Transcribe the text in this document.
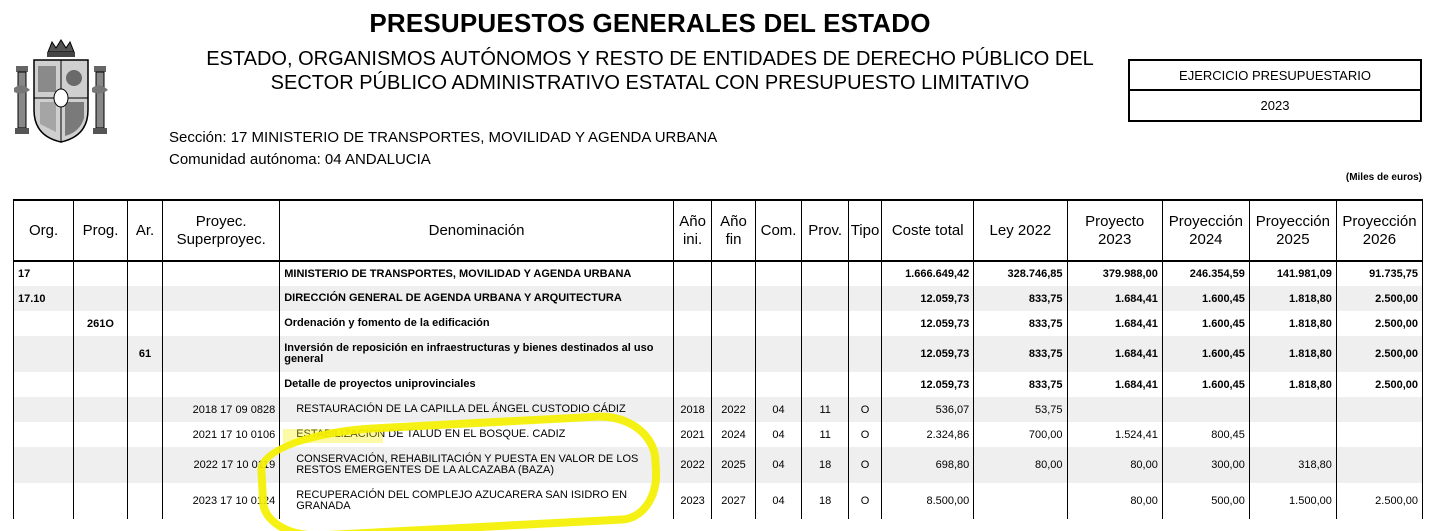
PRESUPUESTOS GENERALES DEL ESTADO
ESTADO, ORGANISMOS AUTÓNOMOS Y RESTO DE ENTIDADES DE DERECHO PÚBLICO DEL
SECTOR PÚBLICO ADMINISTRATIVO ESTATAL CON PRESUPUESTO LIMITATIVO	EJERCICIO PRESUPUESTARIO
2023
Sección: 17 MINISTERIO DE TRANSPORTES, MOVILIDAD Y AGENDA URBANA
Comunidad autónoma: 04 ANDALUCIA
(Miles de euros)
Org.	Prog.	Ar.	Proyec. Superproyec.	Denominación	Año ini.	Año fin	Com.	Prov.	Tipo	Coste total	Ley 2022	Proyecto 2023	Proyección 2024	Proyección 2025	Proyección 2026
17				MINISTERIO DE TRANSPORTES, MOVILIDAD Y AGENDA URBANA						1.666.649,42	328.746,85	379.988,00	246.354,59	141.981,09	91.735,75
17.10				DIRECCIÓN GENERAL DE AGENDA URBANA Y ARQUITECTURA						12.059,73	833,75	1.684,41	1.600,45	1.818,80	2.500,00
	261O			Ordenación y fomento de la edificación						12.059,73	833,75	1.684,41	1.600,45	1.818,80	2.500,00
		61		Inversión de reposición en infraestructuras y bienes destinados al uso general						12.059,73	833,75	1.684,41	1.600,45	1.818,80	2.500,00
				Detalle de proyectos uniprovinciales						12.059,73	833,75	1.684,41	1.600,45	1.818,80	2.500,00
			2018 17 09 0828	RESTAURACIÓN DE LA CAPILLA DEL ÁNGEL CUSTODIO CÁDIZ	2018	2022	04	11	O	536,07	53,75				
			2021 17 10 0106	ESTABILIZACION DE TALUD EN EL BOSQUE. CADIZ	2021	2024	04	11	O	2.324,86	700,00	1.524,41	800,45		
			2022 17 10 0119	CONSERVACIÓN, REHABILITACIÓN Y PUESTA EN VALOR DE LOS RESTOS EMERGENTES DE LA ALCAZABA (BAZA)	2022	2025	04	18	O	698,80	80,00	80,00	300,00	318,80	
			2023 17 10 0124	RECUPERACIÓN DEL COMPLEJO AZUCARERA SAN ISIDRO EN GRANADA	2023	2027	04	18	O	8.500,00		80,00	500,00	1.500,00	2.500,00
